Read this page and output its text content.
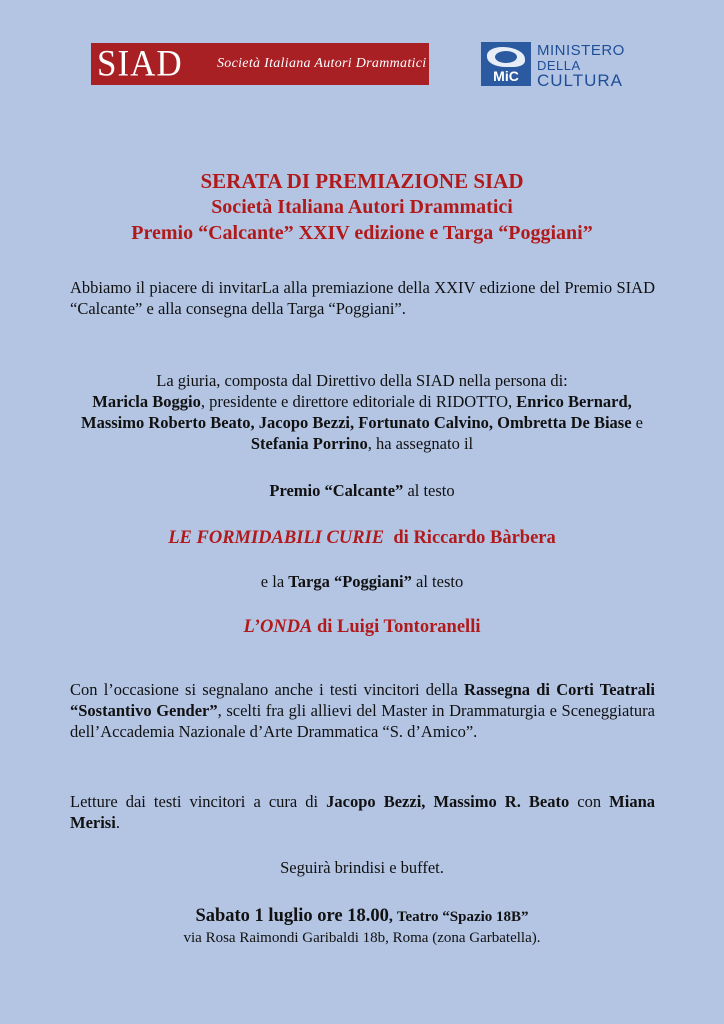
SIAD	Società Italiana Autori Drammatici
MiC
MINISTERO
DELLA
CULTURA
SERATA DI PREMIAZIONE SIAD
Società Italiana Autori Drammatici
Premio “Calcante” XXIV edizione e Targa “Poggiani”
Abbiamo il piacere di invitarLa alla premiazione della XXIV edizione del Premio SIAD “Calcante” e alla consegna della Targa “Poggiani”.
La giuria, composta dal Direttivo della SIAD nella persona di:
Maricla Boggio, presidente e direttore editoriale di RIDOTTO, Enrico Bernard, Massimo Roberto Beato, Jacopo Bezzi, Fortunato Calvino, Ombretta De Biase e Stefania Porrino, ha assegnato il
Premio “Calcante” al testo
LE FORMIDABILI CURIE  di Riccardo Bàrbera
e la Targa “Poggiani” al testo
L’ONDA di Luigi Tontoranelli
Con l’occasione si segnalano anche i testi vincitori della Rassegna di Corti Teatrali “Sostantivo Gender”, scelti fra gli allievi del Master in Drammaturgia e Sceneggiatura dell’Accademia Nazionale d’Arte Drammatica “S. d’Amico”.
Letture dai testi vincitori a cura di Jacopo Bezzi, Massimo R. Beato con Miana Merisi.
Seguirà brindisi e buffet.
Sabato 1 luglio ore 18.00, Teatro “Spazio 18B”
via Rosa Raimondi Garibaldi 18b, Roma (zona Garbatella).
